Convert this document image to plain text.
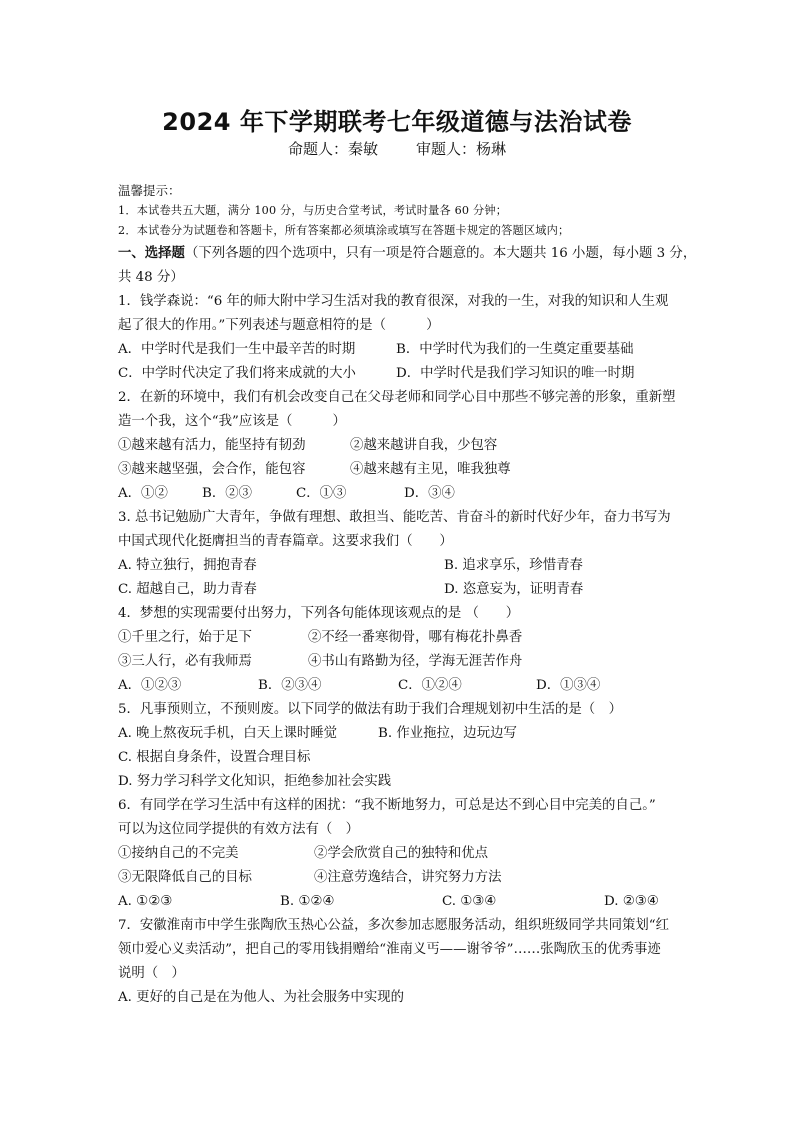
2024 年下学期联考七年级道德与法治试卷
命题人：秦敏	审题人：杨琳
温馨提示：
1．本试卷共五大题，满分 100 分，与历史合堂考试，考试时量各 60 分钟；
2．本试卷分为试题卷和答题卡，所有答案都必须填涂或填写在答题卡规定的答题区域内；
一、选择题（下列各题的四个选项中，只有一项是符合题意的。本大题共 16 小题，每小题 3 分，共 48 分）
1．钱学森说：“6 年的师大附中学习生活对我的教育很深，对我的一生，对我的知识和人生观
起了很大的作用。”下列表述与题意相符的是（　　　）
A．中学时代是我们一生中最辛苦的时期	B．中学时代为我们的一生奠定重要基础
C．中学时代决定了我们将来成就的大小	D．中学时代是我们学习知识的唯一时期
2．在新的环境中，我们有机会改变自己在父母老师和同学心目中那些不够完善的形象，重新塑
造一个我，这个“我”应该是（　　　）
①越来越有活力，能坚持有韧劲	②越来越讲自我，少包容
③越来越坚强，会合作，能包容	④越来越有主见，唯我独尊
A．①②	B．②③	C．①③	D．③④
3. 总书记勉励广大青年，争做有理想、敢担当、能吃苦、肯奋斗的新时代好少年，奋力书写为
中国式现代化挺膺担当的青春篇章。这要求我们（　　）
A. 特立独行，拥抱青春	B. 追求享乐，珍惜青春
C. 超越自己，助力青春	D. 恣意妄为，证明青春
4．梦想的实现需要付出努力，下列各句能体现该观点的是 （　　）
①千里之行，始于足下	②不经一番寒彻骨，哪有梅花扑鼻香
③三人行，必有我师焉	④书山有路勤为径，学海无涯苦作舟
A．①②③	B．②③④	C．①②④	D．①③④
5．凡事预则立，不预则废。以下同学的做法有助于我们合理规划初中生活的是（　）
A. 晚上熬夜玩手机，白天上课时睡觉	B. 作业拖拉，边玩边写
C. 根据自身条件，设置合理目标
D. 努力学习科学文化知识，拒绝参加社会实践
6．有同学在学习生活中有这样的困扰：“我不断地努力，可总是达不到心目中完美的自己。”
可以为这位同学提供的有效方法有（　）
①接纳自己的不完美	②学会欣赏自己的独特和优点
③无限降低自己的目标	④注意劳逸结合，讲究努力方法
A. ①②③	B. ①②④	C. ①③④	D. ②③④
7．安徽淮南市中学生张陶欣玉热心公益，多次参加志愿服务活动，组织班级同学共同策划“红
领巾爱心义卖活动”，把自己的零用钱捐赠给“淮南义丐——谢爷爷”……张陶欣玉的优秀事迹
说明（　）
A. 更好的自己是在为他人、为社会服务中实现的
